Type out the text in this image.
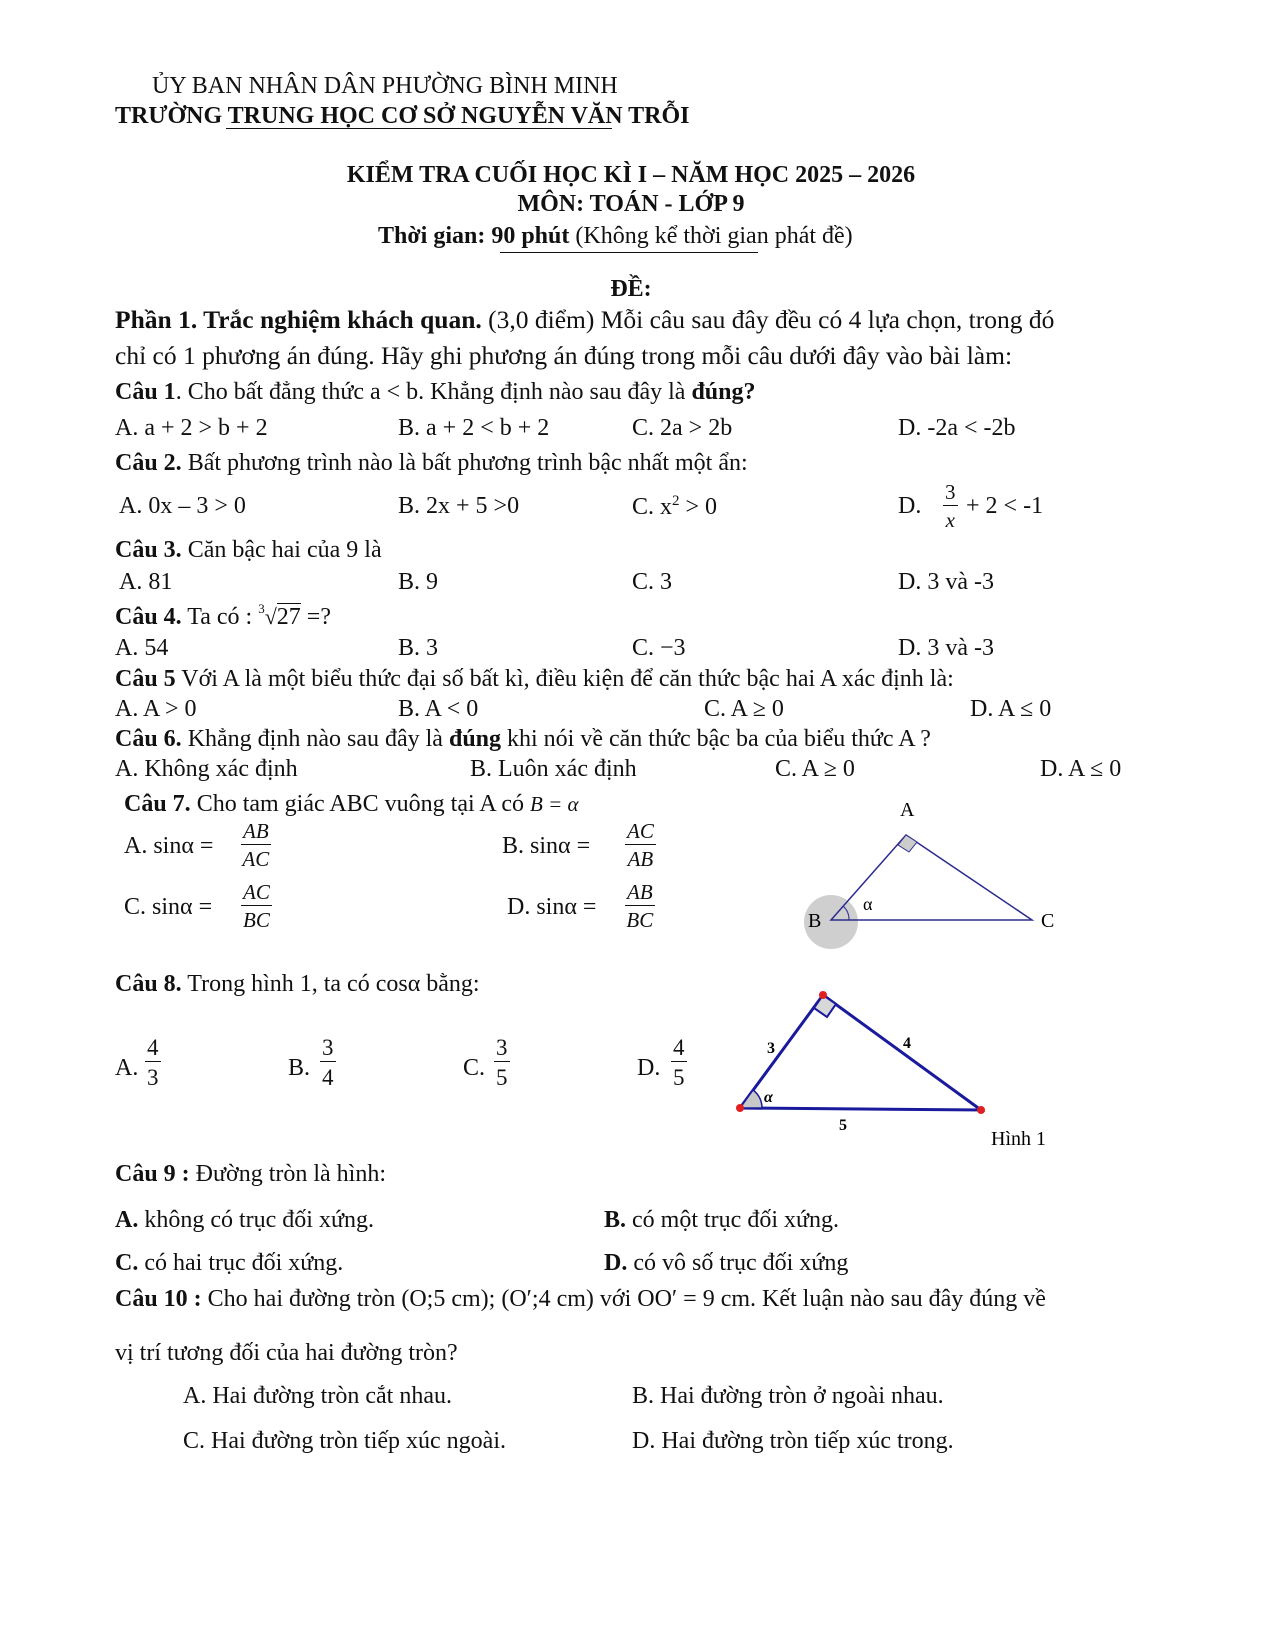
ỦY BAN NHÂN DÂN PHƯỜNG BÌNH MINH
TRƯỜNG TRUNG HỌC CƠ SỞ NGUYỄN VĂN TRỖI
KIỂM TRA CUỐI HỌC KÌ I – NĂM HỌC 2025 – 2026
MÔN: TOÁN - LỚP 9
Thời gian: 90 phút (Không kể thời gian phát đề)
ĐỀ:
Phần 1. Trắc nghiệm khách quan. (3,0 điểm) Mỗi câu sau đây đều có 4 lựa chọn, trong đó
chỉ có 1 phương án đúng. Hãy ghi phương án đúng trong mỗi câu dưới đây vào bài làm:
Câu 1. Cho bất đẳng thức a < b. Khẳng định nào sau đây là đúng?
A. a + 2 > b + 2	B. a + 2 < b + 2	C. 2a > 2b	D. -2a < -2b
Câu 2. Bất phương trình nào là bất phương trình bậc nhất một ẩn:
A. 0x – 3 > 0	B. 2x + 5 >0	C. $x^2 > 0$	D. $\frac{3}{x} + 2 < -1$
Câu 3. Căn bậc hai của 9 là
A. 81	B. 9	C. 3	D. 3 và -3
Câu 4. Ta có : $^3$√27 =?
A. 54	B. 3	C. −3	D. 3 và -3
Câu 5 Với A là một biểu thức đại số bất kì, điều kiện để căn thức bậc hai A xác định là:
A. A > 0	B. A < 0	C. A ≥ 0	D. A ≤ 0
Câu 6. Khẳng định nào sau đây là đúng khi nói về căn thức bậc ba của biểu thức A ?
A. Không xác định	B. Luôn xác định	C. A ≥ 0	D. A ≤ 0
Câu 7. Cho tam giác ABC vuông tại A có B = α
A. $\sin\alpha = \frac{AB}{AC}$	B. $\sin\alpha = \frac{AC}{AB}$
C. $\sin\alpha = \frac{AC}{BC}$	D. $\sin\alpha = \frac{AB}{BC}$
A
B	C
α
Câu 8. Trong hình 1, ta có cosα bằng:
A. $\frac{4}{3}$	B. $\frac{3}{4}$	C. $\frac{3}{5}$	D. $\frac{4}{5}$	3	4
5
α
Hình 1
Câu 9 : Đường tròn là hình:
A. không có trục đối xứng.	B. có một trục đối xứng.
C. có hai trục đối xứng.	D. có vô số trục đối xứng
Câu 10 : Cho hai đường tròn (O;5 cm); (O′;4 cm) với OO′ = 9 cm. Kết luận nào sau đây đúng về
vị trí tương đối của hai đường tròn?
A. Hai đường tròn cắt nhau.	B. Hai đường tròn ở ngoài nhau.
C. Hai đường tròn tiếp xúc ngoài.	D. Hai đường tròn tiếp xúc trong.
